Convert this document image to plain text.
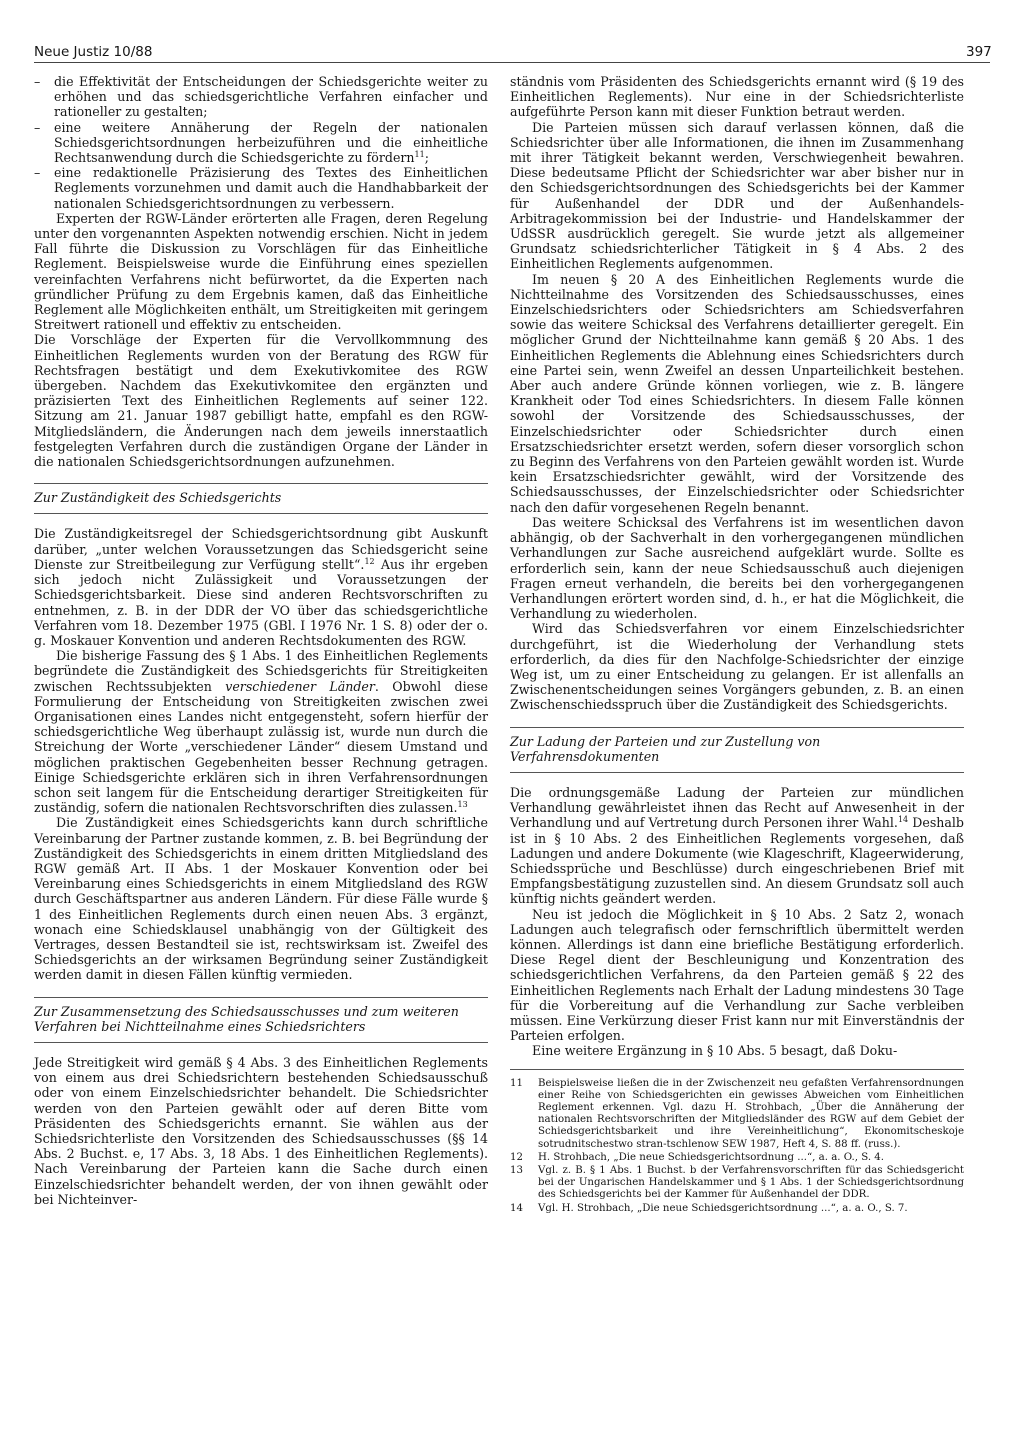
Neue Justiz 10/88	397
–	die Effektivität der Entscheidungen der Schiedsgerichte weiter zu erhöhen und das schiedsgerichtliche Verfahren einfacher und rationeller zu gestalten;
–	eine weitere Annäherung der Regeln der nationalen Schiedsgerichtsordnungen herbeizuführen und die einheitliche Rechtsanwendung durch die Schiedsgerichte zu fördern$^{11}$;
–	eine redaktionelle Präzisierung des Textes des Einheitlichen Reglements vorzunehmen und damit auch die Handhabbarkeit der nationalen Schiedsgerichtsordnungen zu verbessern.

Experten der RGW-Länder erörterten alle Fragen, deren Regelung unter den vorgenannten Aspekten notwendig erschien. Nicht in jedem Fall führte die Diskussion zu Vorschlägen für das Einheitliche Reglement. Beispielsweise wurde die Einführung eines speziellen vereinfachten Verfahrens nicht befürwortet, da die Experten nach gründlicher Prüfung zu dem Ergebnis kamen, daß das Einheitliche Reglement alle Möglichkeiten enthält, um Streitigkeiten mit geringem Streitwert rationell und effektiv zu entscheiden.

Die Vorschläge der Experten für die Vervollkommnung des Einheitlichen Reglements wurden von der Beratung des RGW für Rechtsfragen bestätigt und dem Exekutivkomitee des RGW übergeben. Nachdem das Exekutivkomitee den ergänzten und präzisierten Text des Einheitlichen Reglements auf seiner 122. Sitzung am 21. Januar 1987 gebilligt hatte, empfahl es den RGW-Mitgliedsländern, die Änderungen nach dem jeweils innerstaatlich festgelegten Verfahren durch die zuständigen Organe der Länder in die nationalen Schiedsgerichtsordnungen aufzunehmen.

Zur Zuständigkeit des Schiedsgerichts

Die Zuständigkeitsregel der Schiedsgerichtsordnung gibt Auskunft darüber, „unter welchen Voraussetzungen das Schiedsgericht seine Dienste zur Streitbeilegung zur Verfügung stellt“.$^{12}$ Aus ihr ergeben sich jedoch nicht Zulässigkeit und Voraussetzungen der Schiedsgerichtsbarkeit. Diese sind anderen Rechtsvorschriften zu entnehmen, z. B. in der DDR der VO über das schiedsgerichtliche Verfahren vom 18. Dezember 1975 (GBl. I 1976 Nr. 1 S. 8) oder der o. g. Moskauer Konvention und anderen Rechtsdokumenten des RGW.

Die bisherige Fassung des § 1 Abs. 1 des Einheitlichen Reglements begründete die Zuständigkeit des Schiedsgerichts für Streitigkeiten zwischen Rechtssubjekten verschiedener Länder. Obwohl diese Formulierung der Entscheidung von Streitigkeiten zwischen zwei Organisationen eines Landes nicht entgegensteht, sofern hierfür der schiedsgerichtliche Weg überhaupt zulässig ist, wurde nun durch die Streichung der Worte „verschiedener Länder“ diesem Umstand und möglichen praktischen Gegebenheiten besser Rechnung getragen. Einige Schiedsgerichte erklären sich in ihren Verfahrensordnungen schon seit langem für die Entscheidung derartiger Streitigkeiten für zuständig, sofern die nationalen Rechtsvorschriften dies zulassen.$^{13}$

Die Zuständigkeit eines Schiedsgerichts kann durch schriftliche Vereinbarung der Partner zustande kommen, z. B. bei Begründung der Zuständigkeit des Schiedsgerichts in einem dritten Mitgliedsland des RGW gemäß Art. II Abs. 1 der Moskauer Konvention oder bei Vereinbarung eines Schiedsgerichts in einem Mitgliedsland des RGW durch Geschäftspartner aus anderen Ländern. Für diese Fälle wurde § 1 des Einheitlichen Reglements durch einen neuen Abs. 3 ergänzt, wonach eine Schiedsklausel unabhängig von der Gültigkeit des Vertrages, dessen Bestandteil sie ist, rechtswirksam ist. Zweifel des Schiedsgerichts an der wirksamen Begründung seiner Zuständigkeit werden damit in diesen Fällen künftig vermieden.

Zur Zusammensetzung des Schiedsausschusses und zum weiteren Verfahren bei Nichtteilnahme eines Schiedsrichters

Jede Streitigkeit wird gemäß § 4 Abs. 3 des Einheitlichen Reglements von einem aus drei Schiedsrichtern bestehenden Schiedsausschuß oder von einem Einzelschiedsrichter behandelt. Die Schiedsrichter werden von den Parteien gewählt oder auf deren Bitte vom Präsidenten des Schiedsgerichts ernannt. Sie wählen aus der Schiedsrichterliste den Vorsitzenden des Schiedsausschusses (§§ 14 Abs. 2 Buchst. e, 17 Abs. 3, 18 Abs. 1 des Einheitlichen Reglements). Nach Vereinbarung der Parteien kann die Sache durch einen Einzelschiedsrichter behandelt werden, der von ihnen gewählt oder bei Nichteinver-

ständnis vom Präsidenten des Schiedsgerichts ernannt wird (§ 19 des Einheitlichen Reglements). Nur eine in der Schiedsrichterliste aufgeführte Person kann mit dieser Funktion betraut werden.

Die Parteien müssen sich darauf verlassen können, daß die Schiedsrichter über alle Informationen, die ihnen im Zusammenhang mit ihrer Tätigkeit bekannt werden, Verschwiegenheit bewahren. Diese bedeutsame Pflicht der Schiedsrichter war aber bisher nur in den Schiedsgerichtsordnungen des Schiedsgerichts bei der Kammer für Außenhandel der DDR und der Außenhandels-Arbitragekommission bei der Industrie- und Handelskammer der UdSSR ausdrücklich geregelt. Sie wurde jetzt als allgemeiner Grundsatz schiedsrichterlicher Tätigkeit in § 4 Abs. 2 des Einheitlichen Reglements aufgenommen.

Im neuen § 20 A des Einheitlichen Reglements wurde die Nichtteilnahme des Vorsitzenden des Schiedsausschusses, eines Einzelschiedsrichters oder Schiedsrichters am Schiedsverfahren sowie das weitere Schicksal des Verfahrens detaillierter geregelt. Ein möglicher Grund der Nichtteilnahme kann gemäß § 20 Abs. 1 des Einheitlichen Reglements die Ablehnung eines Schiedsrichters durch eine Partei sein, wenn Zweifel an dessen Unparteilichkeit bestehen. Aber auch andere Gründe können vorliegen, wie z. B. längere Krankheit oder Tod eines Schiedsrichters. In diesem Falle können sowohl der Vorsitzende des Schiedsausschusses, der Einzelschiedsrichter oder Schiedsrichter durch einen Ersatzschiedsrichter ersetzt werden, sofern dieser vorsorglich schon zu Beginn des Verfahrens von den Parteien gewählt worden ist. Wurde kein Ersatzschiedsrichter gewählt, wird der Vorsitzende des Schiedsausschusses, der Einzelschiedsrichter oder Schiedsrichter nach den dafür vorgesehenen Regeln benannt.

Das weitere Schicksal des Verfahrens ist im wesentlichen davon abhängig, ob der Sachverhalt in den vorhergegangenen mündlichen Verhandlungen zur Sache ausreichend aufgeklärt wurde. Sollte es erforderlich sein, kann der neue Schiedsausschuß auch diejenigen Fragen erneut verhandeln, die bereits bei den vorhergegangenen Verhandlungen erörtert worden sind, d. h., er hat die Möglichkeit, die Verhandlung zu wiederholen.

Wird das Schiedsverfahren vor einem Einzelschiedsrichter durchgeführt, ist die Wiederholung der Verhandlung stets erforderlich, da dies für den Nachfolge-Schiedsrichter der einzige Weg ist, um zu einer Entscheidung zu gelangen. Er ist allenfalls an Zwischenentscheidungen seines Vorgängers gebunden, z. B. an einen Zwischenschiedsspruch über die Zuständigkeit des Schiedsgerichts.

Zur Ladung der Parteien und zur Zustellung von Verfahrensdokumenten

Die ordnungsgemäße Ladung der Parteien zur mündlichen Verhandlung gewährleistet ihnen das Recht auf Anwesenheit in der Verhandlung und auf Vertretung durch Personen ihrer Wahl.$^{14}$ Deshalb ist in § 10 Abs. 2 des Einheitlichen Reglements vorgesehen, daß Ladungen und andere Dokumente (wie Klageschrift, Klageerwiderung, Schiedssprüche und Beschlüsse) durch eingeschriebenen Brief mit Empfangsbestätigung zuzustellen sind. An diesem Grundsatz soll auch künftig nichts geändert werden.

Neu ist jedoch die Möglichkeit in § 10 Abs. 2 Satz 2, wonach Ladungen auch telegrafisch oder fernschriftlich übermittelt werden können. Allerdings ist dann eine briefliche Bestätigung erforderlich. Diese Regel dient der Beschleunigung und Konzentration des schiedsgerichtlichen Verfahrens, da den Parteien gemäß § 22 des Einheitlichen Reglements nach Erhalt der Ladung mindestens 30 Tage für die Vorbereitung auf die Verhandlung zur Sache verbleiben müssen. Eine Verkürzung dieser Frist kann nur mit Einverständnis der Parteien erfolgen.

Eine weitere Ergänzung in § 10 Abs. 5 besagt, daß Doku-

11	Beispielsweise ließen die in der Zwischenzeit neu gefaßten Verfahrensordnungen einer Reihe von Schiedsgerichten ein gewisses Abweichen vom Einheitlichen Reglement erkennen. Vgl. dazu H. Strohbach, „Über die Annäherung der nationalen Rechtsvorschriften der Mitgliedsländer des RGW auf dem Gebiet der Schiedsgerichtsbarkeit und ihre Vereinheitlichung“, Ekonomitscheskoje sotrudnitschestwo stran-tschlenow SEW 1987, Heft 4, S. 88 ff. (russ.).
12	H. Strohbach, „Die neue Schiedsgerichtsordnung ...“, a. a. O., S. 4.
13	Vgl. z. B. § 1 Abs. 1 Buchst. b der Verfahrensvorschriften für das Schiedsgericht bei der Ungarischen Handelskammer und § 1 Abs. 1 der Schiedsgerichtsordnung des Schiedsgerichts bei der Kammer für Außenhandel der DDR.
14	Vgl. H. Strohbach, „Die neue Schiedsgerichtsordnung ...“, a. a. O., S. 7.
